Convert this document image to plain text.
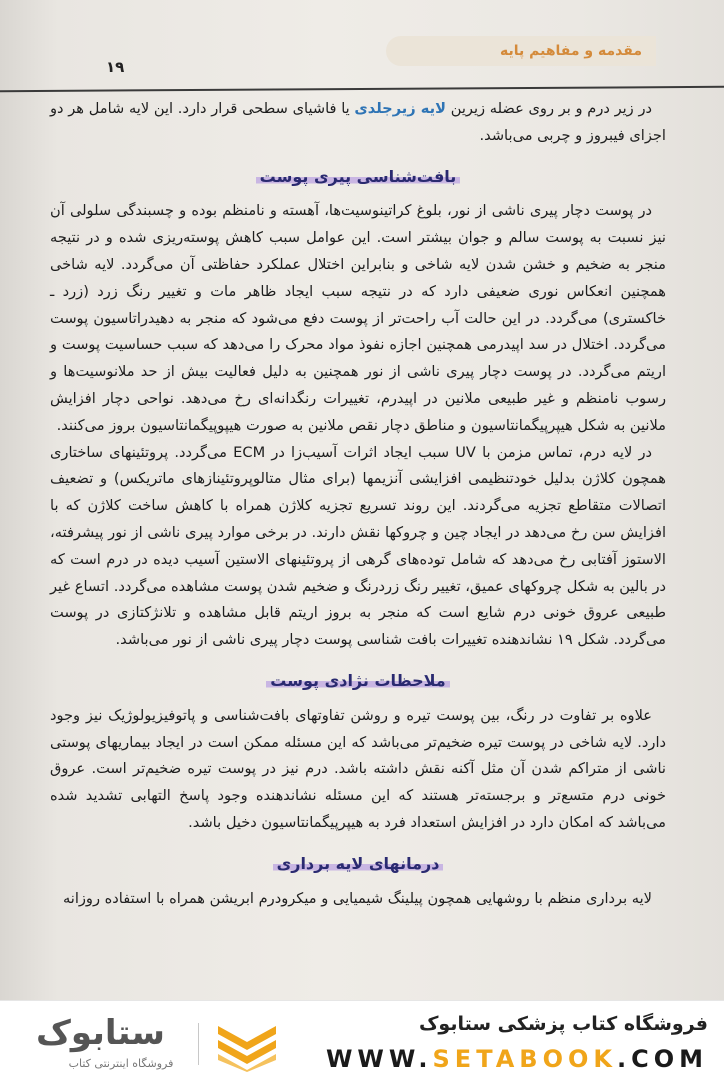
مقدمه و مفاهیم پایه
۱۹

در زیر درم و بر روی عضله زیرین لایه زیرجلدی یا فاشیای سطحی قرار دارد. این لایه شامل هر دو اجزای فیبروز و چربی می‌باشد.

بافت‌شناسی پیری پوست

در پوست دچار پیری ناشی از نور، بلوغ کراتینوسیت‌ها، آهسته و نامنظم بوده و چسبندگی سلولی آن نیز نسبت به پوست سالم و جوان بیشتر است. این عوامل سبب کاهش پوسته‌ریزی شده و در نتیجه منجر به ضخیم و خشن شدن لایه شاخی و بنابراین اختلال عملکرد حفاظتی آن می‌گردد. لایه شاخی همچنین انعکاس نوری ضعیفی دارد که در نتیجه سبب ایجاد ظاهر مات و تغییر رنگ زرد (زرد ـ خاکستری) می‌گردد. در این حالت آب راحت‌تر از پوست دفع می‌شود که منجر به دهیدراتاسیون پوست می‌گردد. اختلال در سد اپیدرمی همچنین اجازه نفوذ مواد محرک را می‌دهد که سبب حساسیت پوست و اریتم می‌گردد. در پوست دچار پیری ناشی از نور همچنین به دلیل فعالیت بیش از حد ملانوسیت‌ها و رسوب نامنظم و غیر طبیعی ملانین در اپیدرم، تغییرات رنگدانه‌ای رخ می‌دهد. نواحی دچار افزایش ملانین به شکل هیپرپیگمانتاسیون و مناطق دچار نقص ملانین به صورت هیپوپیگمانتاسیون بروز می‌کنند.

در لایه درم، تماس مزمن با UV سبب ایجاد اثرات آسیب‌زا در ECM می‌گردد. پروتئینهای ساختاری همچون کلاژن بدلیل خودتنظیمی افزایشی آنزیمها (برای مثال متالوپروتئینازهای ماتریکس) و تضعیف اتصالات متقاطع تجزیه می‌گردند. این روند تسریع تجزیه کلاژن همراه با کاهش ساخت کلاژن که با افزایش سن رخ می‌دهد در ایجاد چین و چروکها نقش دارند. در برخی موارد پیری ناشی از نور پیشرفته، الاستوز آفتابی رخ می‌دهد که شامل توده‌های گرهی از پروتئینهای الاستین آسیب دیده در درم است که در بالین به شکل چروکهای عمیق، تغییر رنگ زردرنگ و ضخیم شدن پوست مشاهده می‌گردد. اتساع غیر طبیعی عروق خونی درم شایع است که منجر به بروز اریتم قابل مشاهده و تلانژکتازی در پوست می‌گردد. شکل ۱۹ نشاندهنده تغییرات بافت شناسی پوست دچار پیری ناشی از نور می‌باشد.

ملاحظات نژادی پوست

علاوه بر تفاوت در رنگ، بین پوست تیره و روشن تفاوتهای بافت‌شناسی و پاتوفیزیولوژیک نیز وجود دارد. لایه شاخی در پوست تیره ضخیم‌تر می‌باشد که این مسئله ممکن است در ایجاد بیماریهای پوستی ناشی از متراکم شدن آن مثل آکنه نقش داشته باشد. درم نیز در پوست تیره ضخیم‌تر است. عروق خونی درم متسع‌تر و برجسته‌تر هستند که این مسئله نشاندهنده وجود پاسخ التهابی تشدید شده می‌باشد که امکان دارد در افزایش استعداد فرد به هیپرپیگمانتاسیون دخیل باشد.

درمانهای لایه برداری

لایه برداری منظم با روشهایی همچون پیلینگ شیمیایی و میکرودرم ابریشن همراه با استفاده روزانه

ستابوک
فروشگاه اینترنتی کتاب
فروشگاه کتاب پزشکی ستابوک
WWW.SETABOOK.COM
